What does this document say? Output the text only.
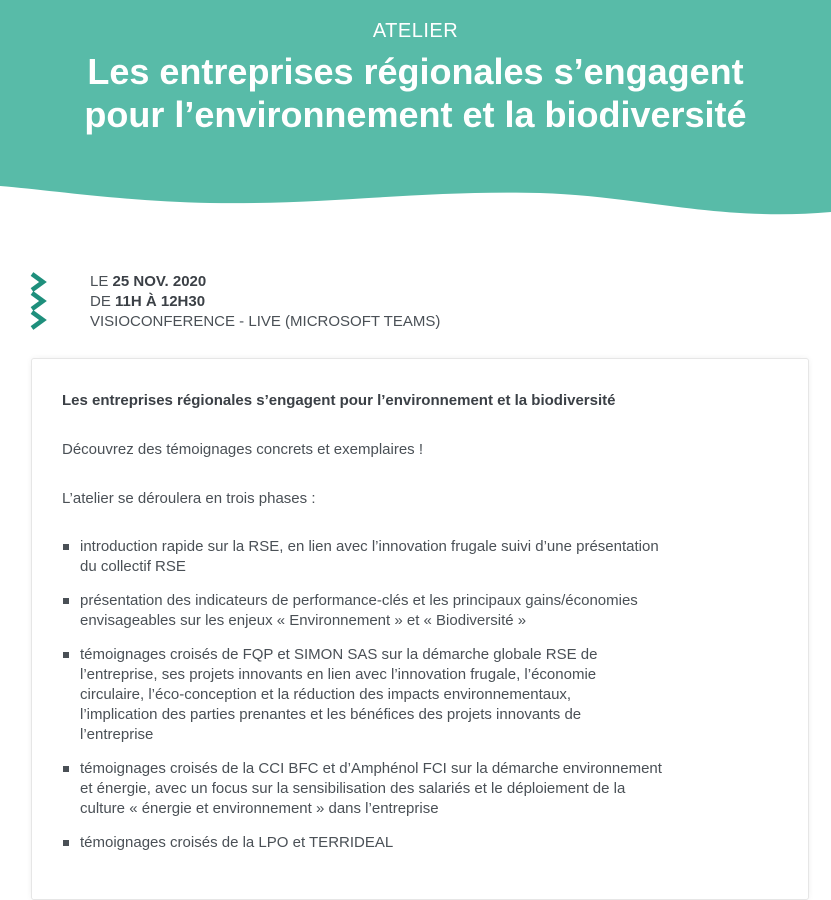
ATELIER
Les entreprises régionales s’engagent
pour l’environnement et la biodiversité
LE 25 NOV. 2020
DE 11H À 12H30
VISIOCONFERENCE - LIVE (MICROSOFT TEAMS)
Les entreprises régionales s’engagent pour l’environnement et la biodiversité

Découvrez des témoignages concrets et exemplaires !

L’atelier se déroulera en trois phases :

introduction rapide sur la RSE, en lien avec l’innovation frugale suivi d’une présentation
du collectif RSE
présentation des indicateurs de performance-clés et les principaux gains/économies
envisageables sur les enjeux « Environnement » et « Biodiversité »
témoignages croisés de FQP et SIMON SAS sur la démarche globale RSE de
l’entreprise, ses projets innovants en lien avec l’innovation frugale, l’économie
circulaire, l’éco-conception et la réduction des impacts environnementaux,
l’implication des parties prenantes et les bénéfices des projets innovants de
l’entreprise
témoignages croisés de la CCI BFC et d’Amphénol FCI sur la démarche environnement
et énergie, avec un focus sur la sensibilisation des salariés et le déploiement de la
culture « énergie et environnement » dans l’entreprise
témoignages croisés de la LPO et TERRIDEAL
